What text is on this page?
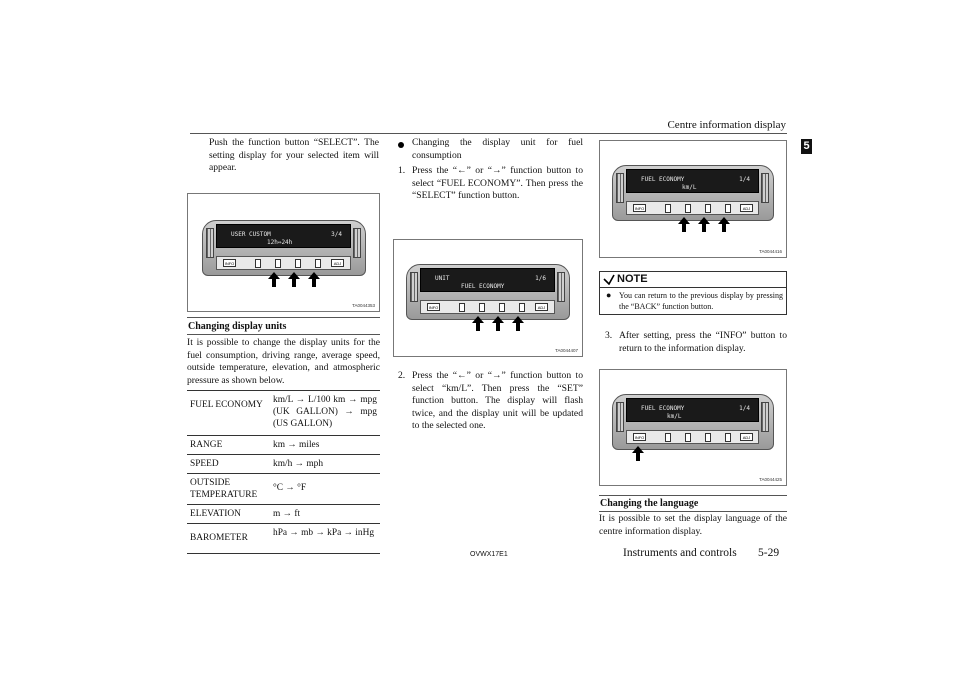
Centre information display
5
Push the function button “SELECT”. The setting display for your selected item will appear.
USER CUSTOM	3/4
12h⇔24h
INFO	ADJ
TA0044353
Changing display units
It is possible to change the display units for the fuel consumption, driving range, average speed, outside temperature, elevation, and atmospheric pressure as shown below.
FUEL ECONOMY	km/L → L/100 km → mpg (UK GALLON) → mpg (US GALLON)
RANGE	km → miles
SPEED	km/h → mph
OUTSIDE TEMPERATURE	°C → °F
ELEVATION	m → ft
BAROMETER	hPa → mb → kPa → inHg
Changing the display unit for fuel consumption
1. Press the “←” or “→” function button to select “FUEL ECONOMY”. Then press the “SELECT” function button.
UNIT	1/6
FUEL ECONOMY
INFO	ADJ
TA0044407
2. Press the “←” or “→” function button to select “km/L”. Then press the “SET” function button. The display will flash twice, and the display unit will be updated to the selected one.
FUEL ECONOMY	1/4
km/L
INFO	ADJ
TA0044416
NOTE
● You can return to the previous display by pressing the “BACK” function button.
3. After setting, press the “INFO” button to return to the information display.
FUEL ECONOMY	1/4
km/L
INFO	ADJ
TA0044425
Changing the language
It is possible to set the display language of the centre information display.
OVWX17E1	Instruments and controls 5-29
